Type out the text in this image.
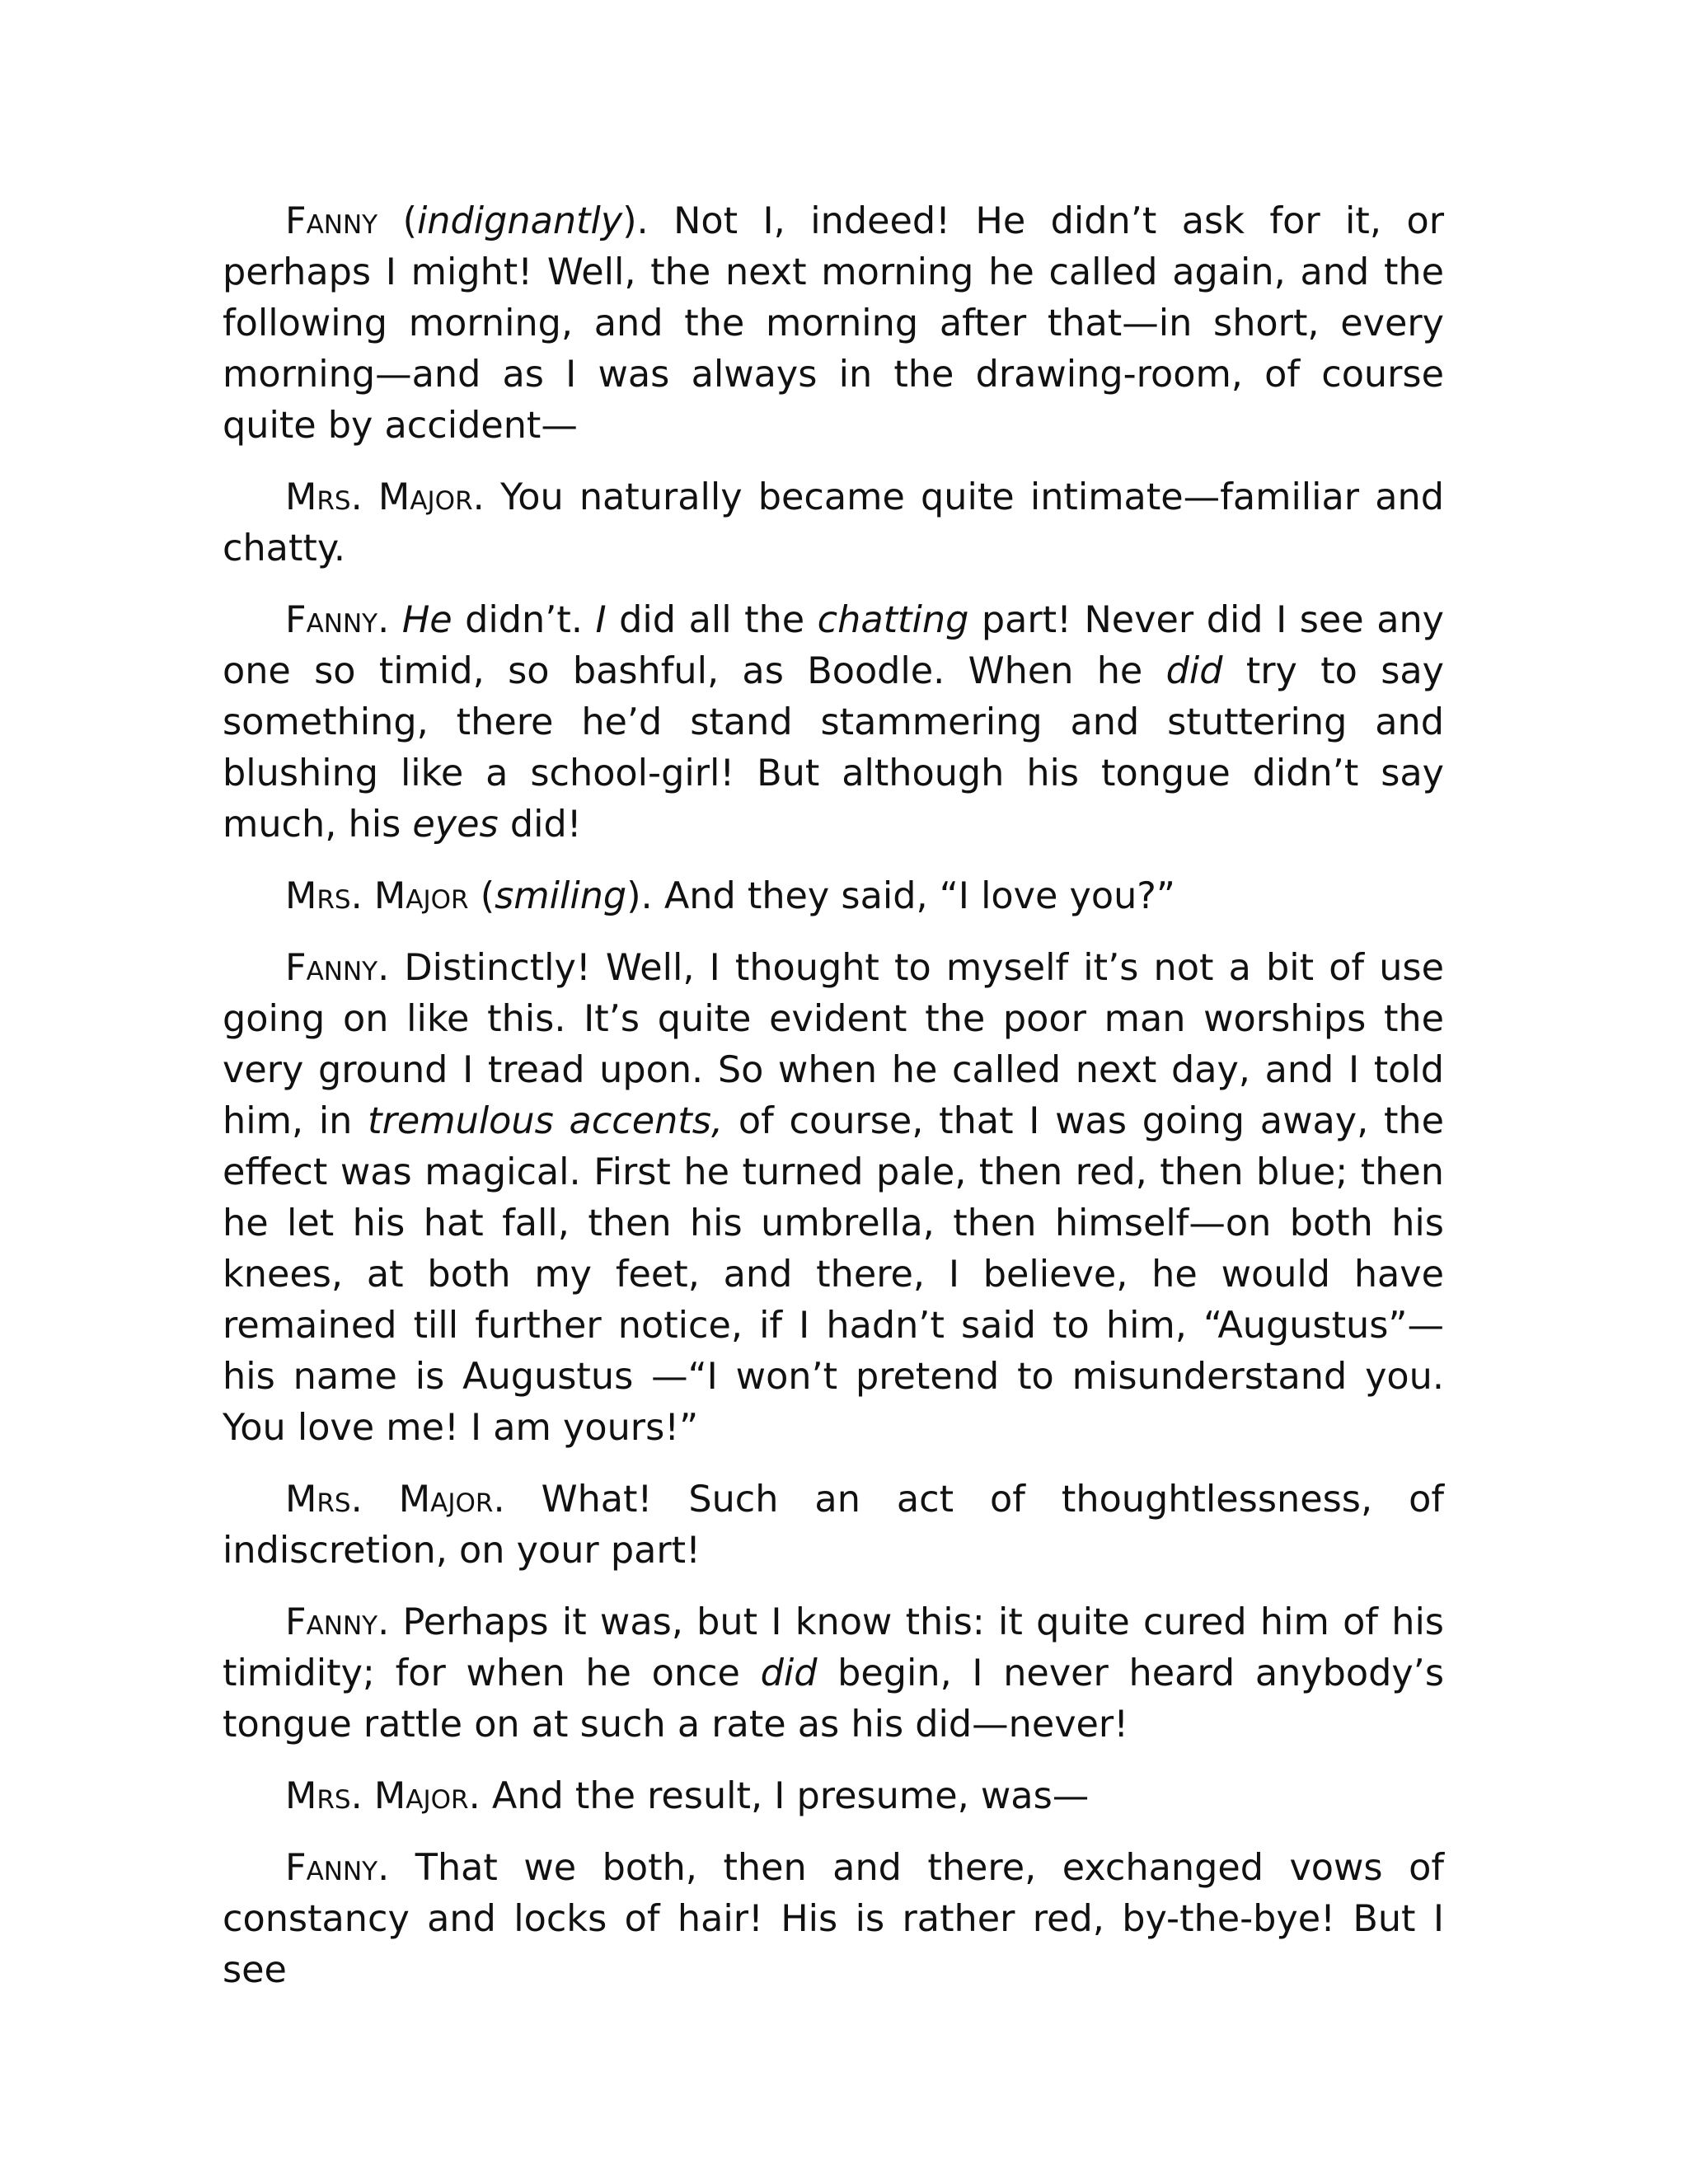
Fanny (indignantly). Not I, indeed! He didn’t ask for it, or perhaps I might! Well, the next morning he called again, and the following morning, and the morning after that—in short, every morning—and as I was always in the drawing-room, of course quite by accident—

Mrs. Major. You naturally became quite intimate—familiar and chatty.

Fanny. He didn’t. I did all the chatting part! Never did I see any one so timid, so bashful, as Boodle. When he did try to say something, there he’d stand stammering and stuttering and blushing like a school-girl! But although his tongue didn’t say much, his eyes did!

Mrs. Major (smiling). And they said, “I love you?”

Fanny. Distinctly! Well, I thought to myself it’s not a bit of use going on like this. It’s quite evident the poor man worships the very ground I tread upon. So when he called next day, and I told him, in tremulous accents, of course, that I was going away, the effect was magical. First he turned pale, then red, then blue; then he let his hat fall, then his umbrella, then himself—on both his knees, at both my feet, and there, I believe, he would have remained till further notice, if I hadn’t said to him, “Augustus”—his name is Augustus —“I won’t pretend to misunderstand you. You love me! I am yours!”

Mrs. Major. What! Such an act of thoughtlessness, of indiscretion, on your part!

Fanny. Perhaps it was, but I know this: it quite cured him of his timidity; for when he once did begin, I never heard anybody’s tongue rattle on at such a rate as his did—never!

Mrs. Major. And the result, I presume, was—

Fanny. That we both, then and there, exchanged vows of constancy and locks of hair! His is rather red, by-the-bye! But I see
